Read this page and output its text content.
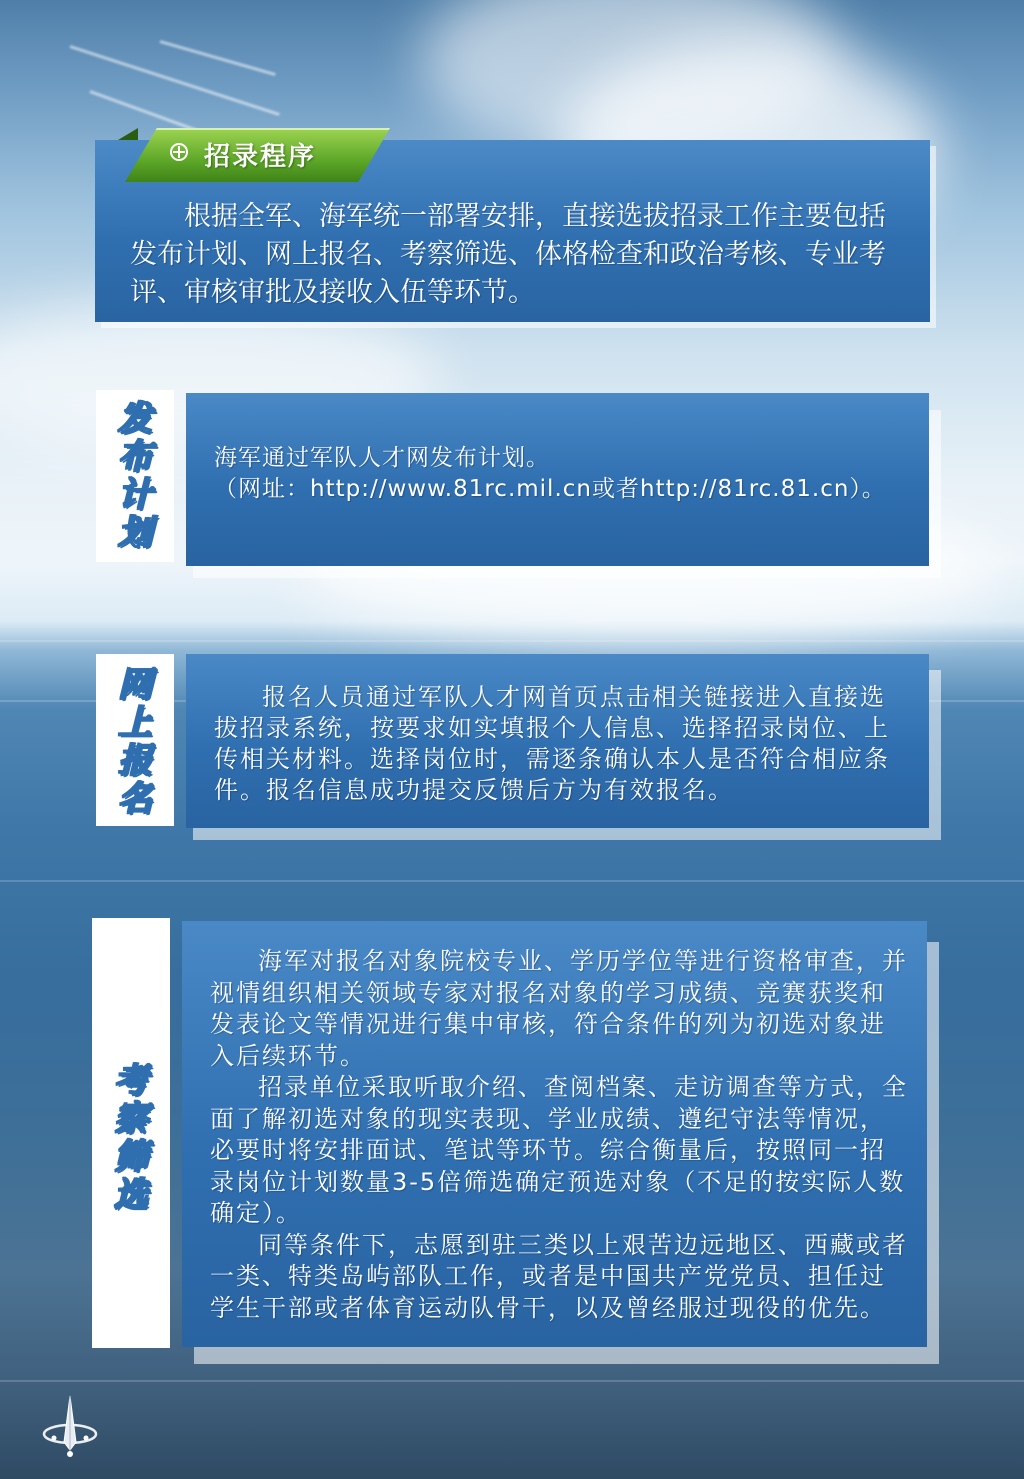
招录程序
根据全军、海军统一部署安排，直接选拔招录工作主要包括发布计划、网上报名、考察筛选、体格检查和政治考核、专业考评、审核审批及接收入伍等环节。
发
布
计
划
海军通过军队人才网发布计划。
（网址：http://www.81rc.mil.cn或者http://81rc.81.cn）。
网
上
报
名
报名人员通过军队人才网首页点击相关链接进入直接选拔招录系统，按要求如实填报个人信息、选择招录岗位、上传相关材料。选择岗位时，需逐条确认本人是否符合相应条件。报名信息成功提交反馈后方为有效报名。
考
察
筛
选

海军对报名对象院校专业、学历学位等进行资格审查，并视情组织相关领域专家对报名对象的学习成绩、竞赛获奖和发表论文等情况进行集中审核，符合条件的列为初选对象进入后续环节。

招录单位采取听取介绍、查阅档案、走访调查等方式，全面了解初选对象的现实表现、学业成绩、遵纪守法等情况，必要时将安排面试、笔试等环节。综合衡量后，按照同一招录岗位计划数量3-5倍筛选确定预选对象（不足的按实际人数确定）。

同等条件下，志愿到驻三类以上艰苦边远地区、西藏或者一类、特类岛屿部队工作，或者是中国共产党党员、担任过学生干部或者体育运动队骨干，以及曾经服过现役的优先。
